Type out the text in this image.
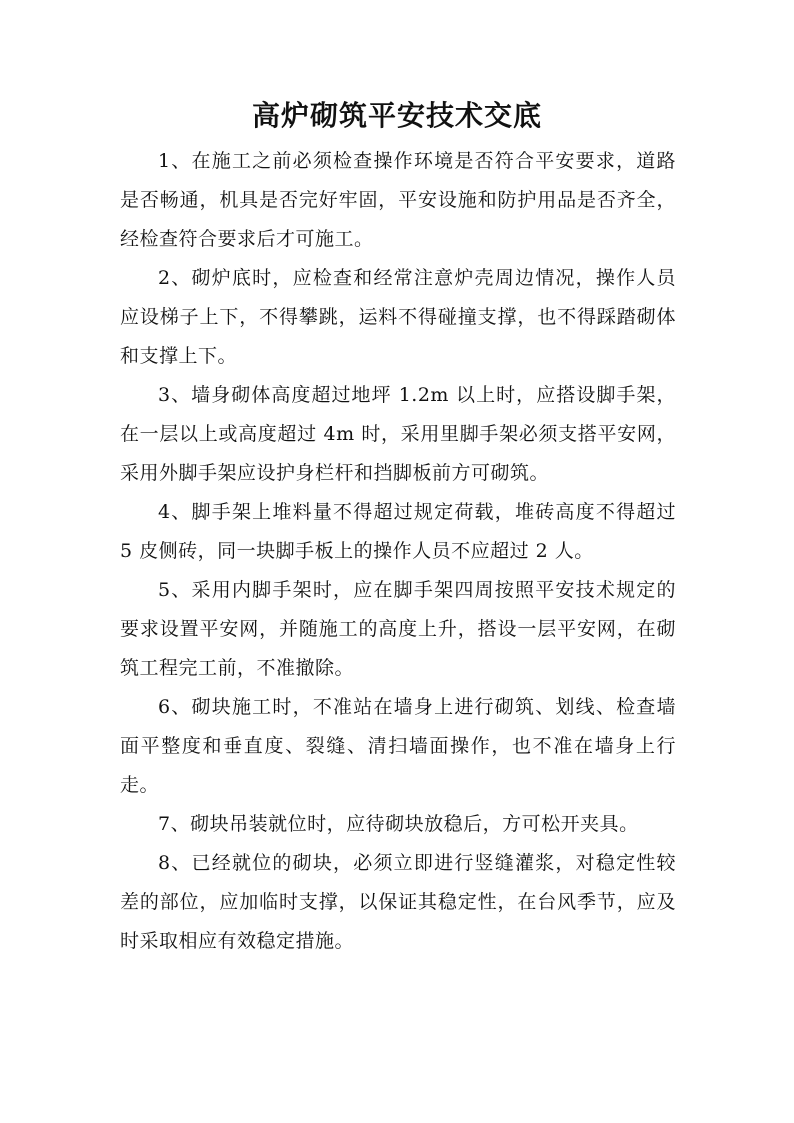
高炉砌筑平安技术交底

1、在施工之前必须检查操作环境是否符合平安要求，道路是否畅通，机具是否完好牢固，平安设施和防护用品是否齐全，经检查符合要求后才可施工。

2、砌炉底时，应检查和经常注意炉壳周边情况，操作人员应设梯子上下，不得攀跳，运料不得碰撞支撑，也不得踩踏砌体和支撑上下。

3、墙身砌体高度超过地坪 1.2m 以上时，应搭设脚手架，在一层以上或高度超过 4m 时，采用里脚手架必须支搭平安网，采用外脚手架应设护身栏杆和挡脚板前方可砌筑。

4、脚手架上堆料量不得超过规定荷载，堆砖高度不得超过 5 皮侧砖，同一块脚手板上的操作人员不应超过 2 人。

5、采用内脚手架时，应在脚手架四周按照平安技术规定的要求设置平安网，并随施工的高度上升，搭设一层平安网，在砌筑工程完工前，不准撤除。

6、砌块施工时，不准站在墙身上进行砌筑、划线、检查墙面平整度和垂直度、裂缝、清扫墙面操作，也不准在墙身上行走。

7、砌块吊装就位时，应待砌块放稳后，方可松开夹具。

8、已经就位的砌块，必须立即进行竖缝灌浆，对稳定性较差的部位，应加临时支撑，以保证其稳定性，在台风季节，应及时采取相应有效稳定措施。
